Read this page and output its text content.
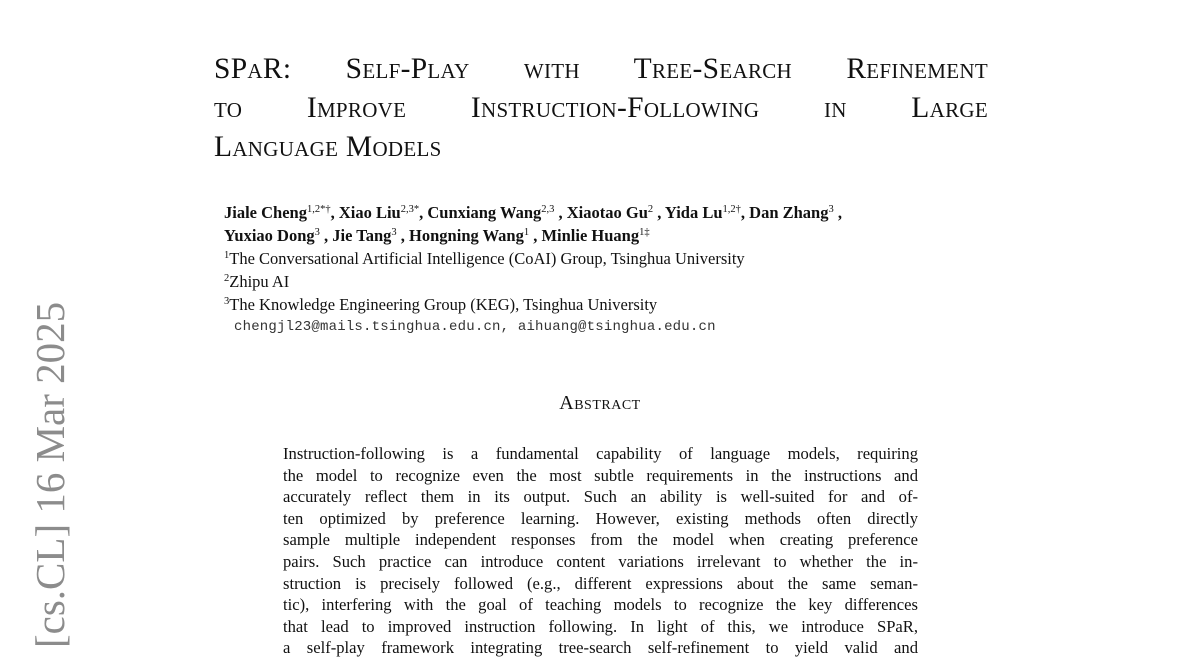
[cs.CL] 16 Mar 2025
SPaR: Self-Play with Tree-Search Refinement
to Improve Instruction-Following in Large
Language Models
Jiale Cheng$^{1,2*\dagger}$, Xiao Liu$^{2,3*}$, Cunxiang Wang$^{2,3}$ , Xiaotao Gu$^2$ , Yida $Lu^{1,2\dagger}$, Dan Zhang$^3$ ,
Yuxiao Dong$^3$ , Jie Tang$^3$ , Hongning Wang$^1$ , Minlie Huang$^{1\ddagger}$
$^1$The Conversational Artificial Intelligence (CoAI) Group, Tsinghua University
$^2$Zhipu AI
$^3$The Knowledge Engineering Group (KEG), Tsinghua University
chengjl23@mails.tsinghua.edu.cn, aihuang@tsinghua.edu.cn
Abstract
Instruction-following is a fundamental capability of language models, requiring
the model to recognize even the most subtle requirements in the instructions and
accurately reflect them in its output. Such an ability is well-suited for and of-
ten optimized by preference learning. However, existing methods often directly
sample multiple independent responses from the model when creating preference
pairs. Such practice can introduce content variations irrelevant to whether the in-
struction is precisely followed (e.g., different expressions about the same seman-
tic), interfering with the goal of teaching models to recognize the key differences
that lead to improved instruction following. In light of this, we introduce SPaR,
a self-play framework integrating tree-search self-refinement to yield valid and
